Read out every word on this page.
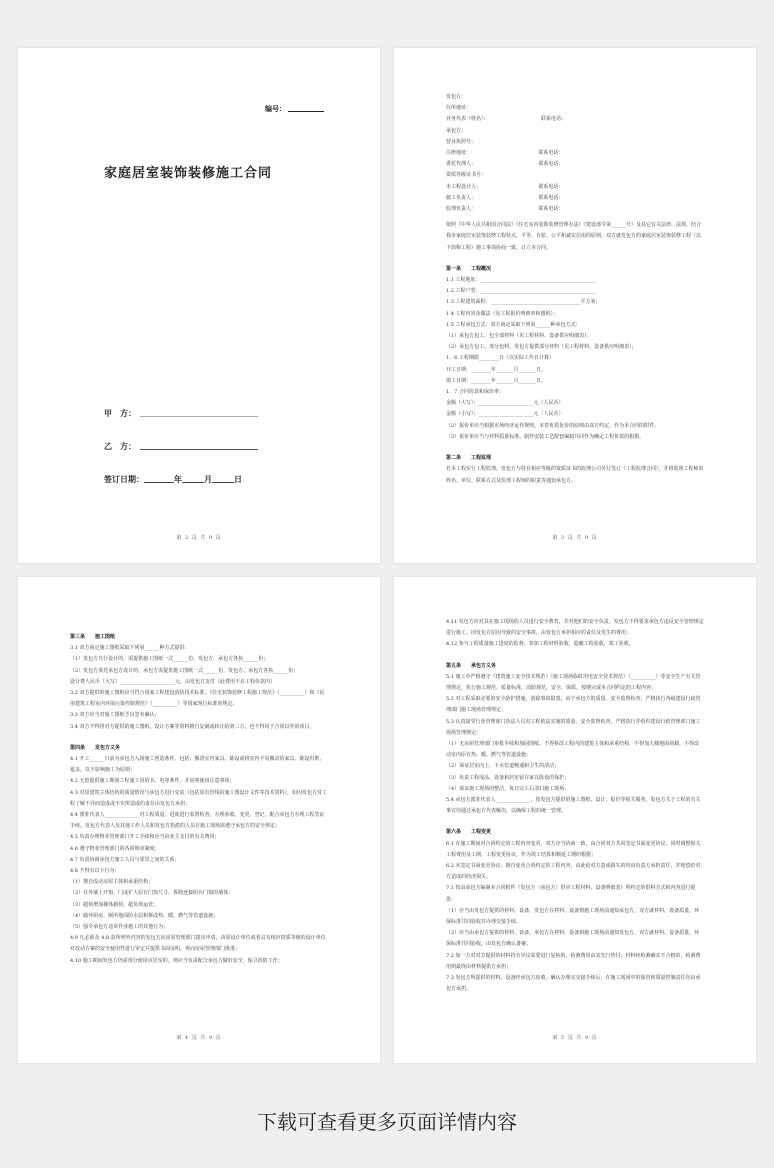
编号：
家庭居室装饰装修施工合同
甲　方：
乙　方：
签订日期：	年	月	日
第 2 页 共 9 页
发包方：
住所地址：
业务代表（姓名）：　　　　　　　　　　　联系电话：
承包方：
营业执照号：
注册地址：　　　　　　　　　　　　　　联系电话：
委托代理人：　　　　　　　　　　　　　联系电话：
资质等级证书号：
本工程设计人：　　　　　　　　　　　　联系电话：
施工负责人：　　　　　　　　　　　　　联系电话：
监理负责人：　　　　　　　　　　　　　联系电话：
依照《中华人民共和国合同法》《住宅室内装饰装修管理办法》《建设部令第______号》及其它有关法律、法规，结合我市家庭居室装饰装修工程特点，平等、自愿、公平和诚实信用的原则，双方就发包方的家庭居室装饰装修工程（以下简称工程）施工事项协商一致，订立本合同。
第一条　　工程概况
1.1 工程地址：______________________________________________
1.2 工程户型：______________________________________________
1.3 工程建筑面积：____________________________________平方米；
1.4 工程内容及做法（见工程报价明细单和图纸）；
1.5 工程承包方式：双方商定采取下列第______种承包方式：
（1）承包方包工、包全部材料（见工程材料、设备供应明细表）；
（2）承包方包工、部分包料，发包方提供部分材料（见工程材料、设备供应明细表）；
1．6 工程期限________日（以实际工作日计算）
开工日期：________年_______月_______日，
竣工日期：________年_______月_______日。
1．7 合同价款和保价率：
金额（大写）：______________________元（人民币）
金额（小写）：______________________元（人民币）
（2）报价单应当根据市场经济运作规则，本着优质优价的原则由双方约定，作为本合同的附件。
（3）报价单应当与材料质量标准、制作安装工艺配套编制共同作为确定工程价款的根据。
第二条　　工程监理
若本工程实行工程监理，发包方与持有相应等级的资质证书的监理公司另行签订《工程监理合同》，并将监理工程师的姓名、单位、联系方式及监理工程师的职责等通知承包方。
第 3 页 共 9 页
第三条　　施工图纸
3.1 双方商定施工图纸采取下列第______种方式提供：
（1）发包方自行设计的，需提供施工图纸一式______份，发包方、承包方各执______份；
（2）发包方委托承包方设计的，承包方需提供施工图纸一式______份，发包方、承包方各执______份；
设计费人民币（大写）______________________元，由发包方支付（此费用不在工程价款内）
3.2 双方提供的施工图纸应当符合国家工程建设消防技术标准、《住宅装饰装修工程施工规范》（__________）和《民用建筑工程室内环境污染控制规范》（__________）等国家现行标准的规定；
3.3 双方应当对施工图纸予以签名确认；
3.4 双方不得将对方提供的施工图纸，设计方案等资料擅自复制或转让给第三方，也不得用于合同以外的项目。
第四条　　发包方义务
4.1 开工______日前为承包方入场施工创造条件。包括：搬清室内家具、陈设或将室内不易搬动的家具、陈设归堆、遮盖，以不影响施工为原则；
4.2 无偿提供施工期间工程施工用的水、电等条件，并说明使用注意事项；
4.3 对原建筑主体结构的质量情况与承包方进行交底（包括原有管线的施工图设计文件等技术资料），如因发包方对工程了解不详而造成或不实所造成的责任由发包方承担；
4.4 派驻代表人______________对工程质量、进度进行监督检查，办理验收、变更、登记，配合承包方办理工程签证手续。发包方代表人及其他工作人员和发包方指派的人员在施工现场需遵守承包方的安全规定；
4.5 负责办理物业管理部门开工手续和应当由业主支付的有关费用；
4.6 遵守物业管理部门的各项规章制度；
4.7 负责协调承包方施工人员与邻里之间的关系；
4.8 不得有以下行为：
（1）擅自改动房屋主体和承重结构；
（2）在外墙上开窗、门或扩大原有门窗尺寸，拆除连接阳台门窗的墙体；
（3）超荷增加楼体载荷，超负荷运营；
（4）破坏厨房、厕所地面防水层和拆改热、暖、燃气等管道设施；
（5）强令承包方违章作业施工的其他行为；
4.9 凡必须及 4.8 款所列外内容的发包方向房屋管理部门提出申请，由原设计单位或者具有相应资质等级的设计单位对改动方案的安全使用性进行审定并提供书面证明，再向房屋管理部门批准；
4.10 施工期间发包方仍需部分使用该居室的，则应当负责配合承包方做好安全，保卫消防工作；
第 4 页 共 9 页
4.11 发包方应对其在施工现场的人员进行安全教育，并对他们的安全负责。发包方不得要求承包方违反安全管理规定进行施工。因发包方原因导致的安全事故，由发包方承担相应的责任及发生的费用；
4.12 参与工程质量施工进度的监督，参加工程材料验收，隐蔽工程验收，竣工验收。
第五条　　承包方义务
5.1 施工中严格遵守《建筑施工安全技术规范》《施工现场临时用电安全技术规范》（__________）等安全生产有关管理规定，执行施工规范、质量标准，消防规范，安全、保质、按期完成本合同约定的工程内容；
5.2 对工程采取必要的安全防护措施，消除事故隐患。由于承包方的质量、安全监督检查，严格执行各级建设行政管理部门施工现场管理规定；
5.3 认真接受行业管理部门执法人员对工程依法实施的质量、安全监督检查，严格执行并组织建设行政管理部门施工现场管理规定：
（1）无房屋管理部门审批手续和加固图纸，不得拆改工程内的建筑主体和承重结构，不得加大楼地面荷载，不得改动室内原有热、暖、燃气等管道设施；
（2）保证居室内上、下水管道畅通和卫生的清洁；
（3）负责工程成品、设备和居室留存家具陈设的保护；
（4）保证施工现场的整洁，每日完工后清扫施工现场；
5.4 承包方派驻代表人______________，按发包方提供的施工图纸，设计，报价等相关服务，发包方关于工程的有关事宜均通过承包方代表解决，以确保工程的统一管理。
第六条　　工程变更
6.1 在施工期间对合同约定的工程内容变更，双方应当协商一致，由合同双方共同签定书面变更协议，同时调整相关工程费用及工期。工程变更协议，作为竣工结算和顺延工期的根据；
6.2 未签定书面变更协议，擅自变更合同约定的工程内容，由此给对方造成损失的均由负责方承担责任，并赔偿给对方造成的经济损失。
7.1 按由承包方编制本合同附件《发包方（承包方）供应工程材料、设备明细表》所约定的供料方式和内容进行提供：
（1）应当由发包方提供的材料、设备，发包方在材料、设备到施工现场前通知承包方，双方就材料、设备质量、环保标准共同验收并办理交接手续。
（2）应当由承包方提供的材料、设备，承包方在材料、设备到施工现场前通知发包方，双方就材料、设备质量、环保标准共同验收，由发包方确认备案；
7.2 如一方对对方提供的材料持有异议需要进行复检的，检测费用由其先行垫付；材料经检测确实不合格的，检测费用则最终由材料提供方承担；
7.3 发包方所提供的材料，设备经承包方验收，确认办理完交接手续后，在施工现场中的保管和质量控制责任均由承包方承担。
第 5 页 共 9 页
下载可查看更多页面详情内容
